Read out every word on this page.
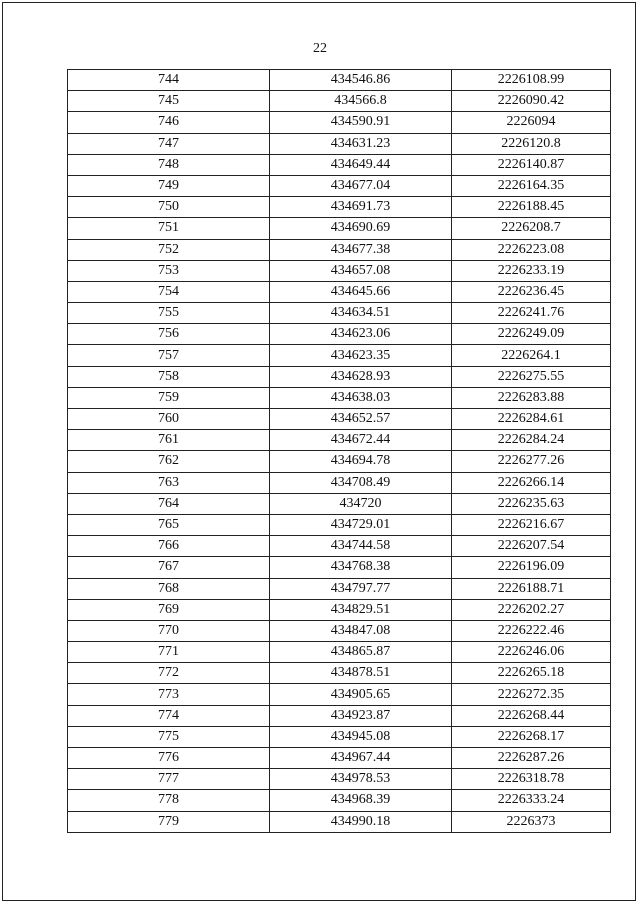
22
744	434546.86	2226108.99
745	434566.8	2226090.42
746	434590.91	2226094
747	434631.23	2226120.8
748	434649.44	2226140.87
749	434677.04	2226164.35
750	434691.73	2226188.45
751	434690.69	2226208.7
752	434677.38	2226223.08
753	434657.08	2226233.19
754	434645.66	2226236.45
755	434634.51	2226241.76
756	434623.06	2226249.09
757	434623.35	2226264.1
758	434628.93	2226275.55
759	434638.03	2226283.88
760	434652.57	2226284.61
761	434672.44	2226284.24
762	434694.78	2226277.26
763	434708.49	2226266.14
764	434720	2226235.63
765	434729.01	2226216.67
766	434744.58	2226207.54
767	434768.38	2226196.09
768	434797.77	2226188.71
769	434829.51	2226202.27
770	434847.08	2226222.46
771	434865.87	2226246.06
772	434878.51	2226265.18
773	434905.65	2226272.35
774	434923.87	2226268.44
775	434945.08	2226268.17
776	434967.44	2226287.26
777	434978.53	2226318.78
778	434968.39	2226333.24
779	434990.18	2226373
